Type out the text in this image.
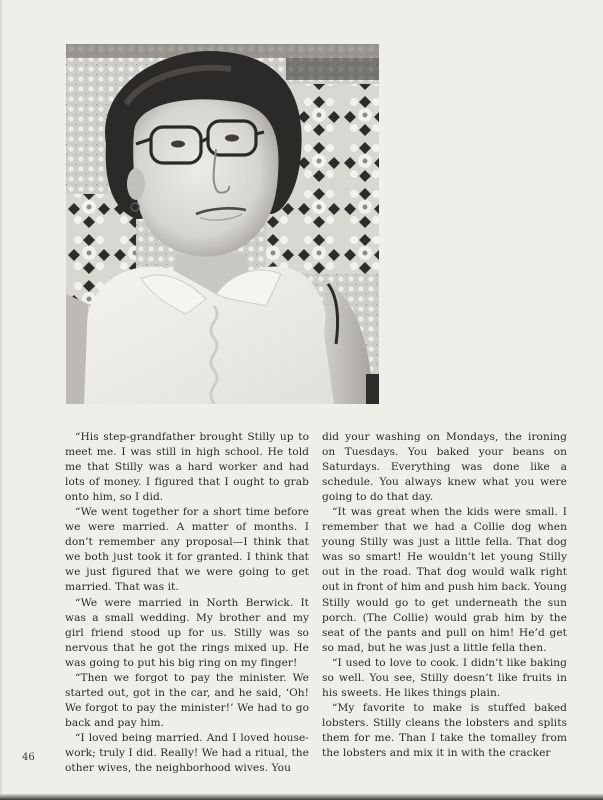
“His step-grandfather brought Stilly up to meet me. I was still in high school. He told me that Stilly was a hard worker and had lots of money. I figured that I ought to grab onto him, so I did.

“We went together for a short time before we were married. A matter of months. I don’t remember any proposal—I think that we both just took it for granted. I think that we just figured that we were going to get married. That was it.

“We were married in North Berwick. It was a small wedding. My brother and my girl friend stood up for us. Stilly was so nervous that he got the rings mixed up. He was going to put his big ring on my finger!

“Then we forgot to pay the minister. We started out, got in the car, and he said, ‘Oh! We forgot to pay the minister!’ We had to go back and pay him.

“I loved being married. And I loved house-work; truly I did. Really! We had a ritual, the other wives, the neighborhood wives. You

did your washing on Mondays, the ironing on Tuesdays. You baked your beans on Saturdays. Everything was done like a schedule. You always knew what you were going to do that day.

“It was great when the kids were small. I remember that we had a Collie dog when young Stilly was just a little fella. That dog was so smart! He wouldn’t let young Stilly out in the road. That dog would walk right out in front of him and push him back. Young Stilly would go to get underneath the sun porch. (The Collie) would grab him by the seat of the pants and pull on him! He’d get so mad, but he was just a little fella then.

“I used to love to cook. I didn’t like baking so well. You see, Stilly doesn’t like fruits in his sweets. He likes things plain.

“My favorite to make is stuffed baked lobsters. Stilly cleans the lobsters and splits them for me. Than I take the tomalley from the lobsters and mix it in with the cracker

46
